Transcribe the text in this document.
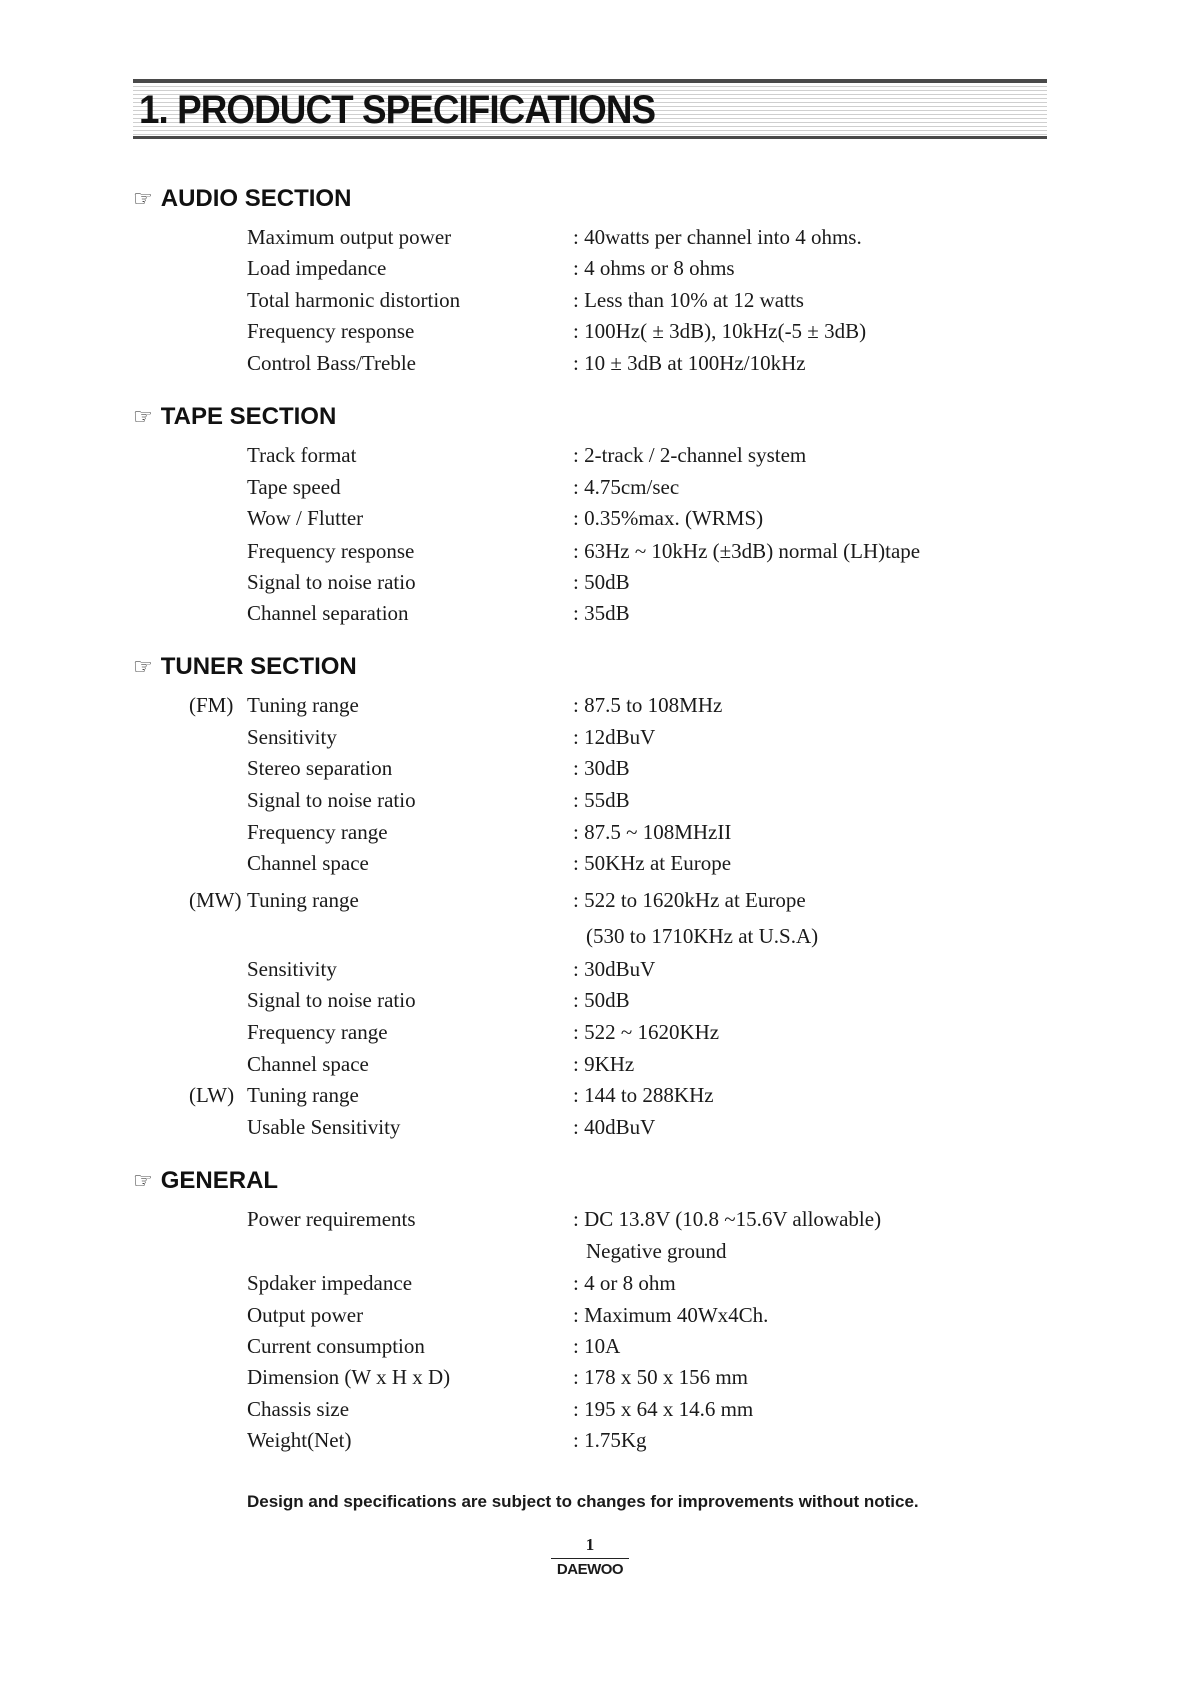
1. PRODUCT SPECIFICATIONS
☞ AUDIO SECTION
Maximum output power	: 40watts per channel into 4 ohms.
Load impedance	: 4 ohms or 8 ohms
Total harmonic distortion	: Less than 10% at 12 watts
Frequency response	: 100Hz( ± 3dB), 10kHz(-5 ± 3dB)
Control Bass/Treble	: 10 ± 3dB at 100Hz/10kHz
☞ TAPE SECTION
Track format	: 2-track / 2-channel system
Tape speed	: 4.75cm/sec
Wow / Flutter	: 0.35%max. (WRMS)
Frequency response	: 63Hz ~ 10kHz (±3dB) normal (LH)tape
Signal to noise ratio	: 50dB
Channel separation	: 35dB
☞ TUNER SECTION
(FM) Tuning range	: 87.5 to 108MHz
Sensitivity	: 12dBuV
Stereo separation	: 30dB
Signal to noise ratio	: 55dB
Frequency range	: 87.5 ~ 108MHzII
Channel space	: 50KHz at Europe
(MW) Tuning range	: 522 to 1620kHz at Europe
(530 to 1710KHz at U.S.A)
Sensitivity	: 30dBuV
Signal to noise ratio	: 50dB
Frequency range	: 522 ~ 1620KHz
Channel space	: 9KHz
(LW) Tuning range	: 144 to 288KHz
Usable Sensitivity	: 40dBuV
☞ GENERAL
Power requirements	: DC 13.8V (10.8 ~15.6V allowable)
Negative ground
Spdaker impedance	: 4 or 8 ohm
Output power	: Maximum 40Wx4Ch.
Current consumption	: 10A
Dimension (W x H x D)	: 178 x 50 x 156 mm
Chassis size	: 195 x 64 x 14.6 mm
Weight(Net)	: 1.75Kg
Design and specifications are subject to changes for improvements without notice.
1
DAEWOO
